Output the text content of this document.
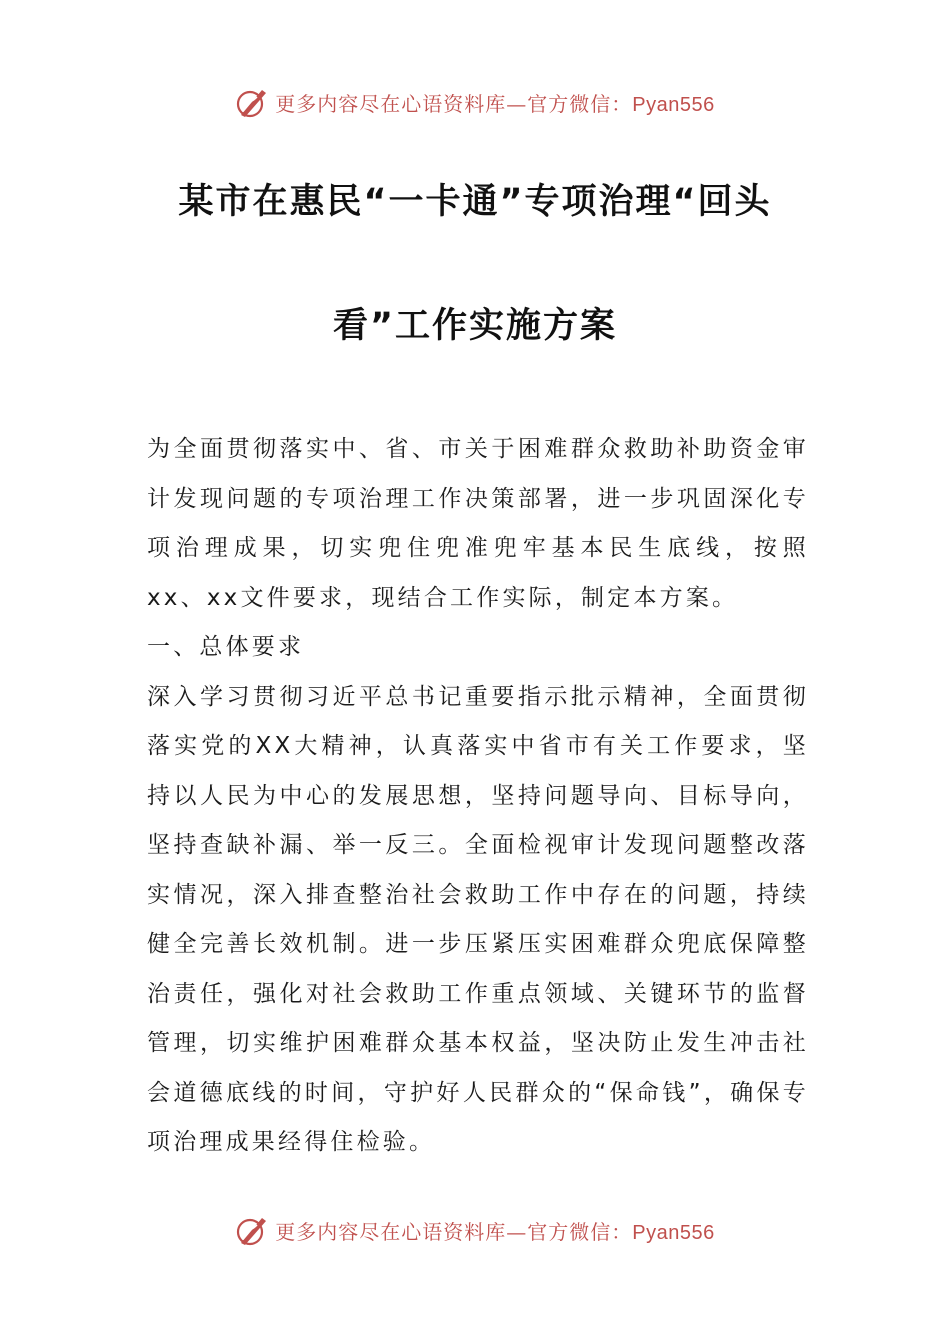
更多内容尽在心语资料库—官方微信：Pyan556
某市在惠民“一卡通”专项治理“回头
看”工作实施方案

为全面贯彻落实中、省、市关于困难群众救助补助资金审计发现问题的专项治理工作决策部署，进一步巩固深化专项治理成果，切实兜住兜准兜牢基本民生底线，按照xx、xx文件要求，现结合工作实际，制定本方案。

一、总体要求

深入学习贯彻习近平总书记重要指示批示精神，全面贯彻落实党的XX大精神，认真落实中省市有关工作要求，坚持以人民为中心的发展思想，坚持问题导向、目标导向，坚持查缺补漏、举一反三。全面检视审计发现问题整改落实情况，深入排查整治社会救助工作中存在的问题，持续健全完善长效机制。进一步压紧压实困难群众兜底保障整治责任，强化对社会救助工作重点领域、关键环节的监督管理，切实维护困难群众基本权益，坚决防止发生冲击社会道德底线的时间，守护好人民群众的“保命钱”，确保专项治理成果经得住检验。

更多内容尽在心语资料库—官方微信：Pyan556
